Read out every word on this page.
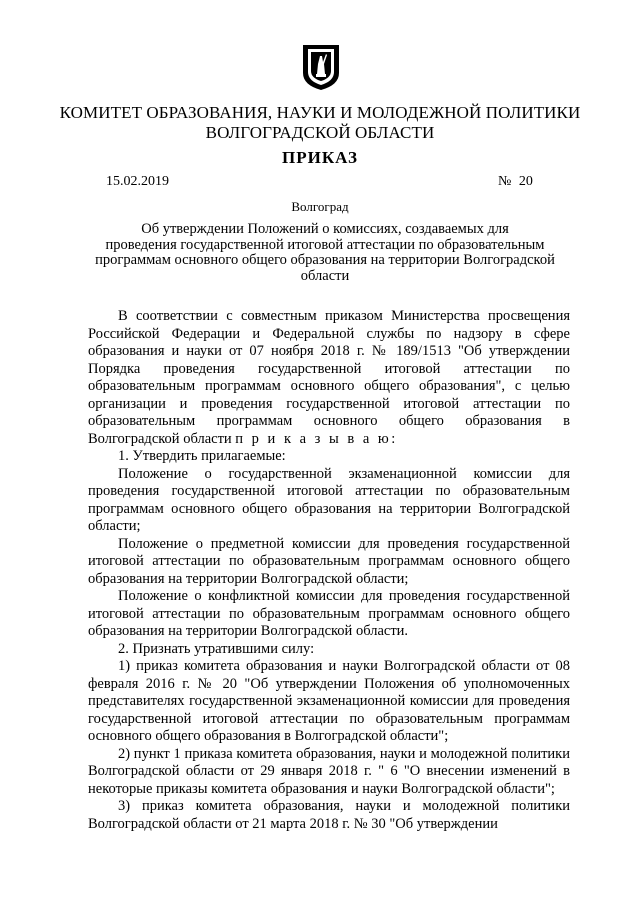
КОМИТЕТ ОБРАЗОВАНИЯ, НАУКИ И МОЛОДЕЖНОЙ ПОЛИТИКИ
ВОЛГОГРАДСКОЙ ОБЛАСТИ
ПРИКАЗ
15.02.2019	№ 20
Волгоград
Об утверждении Положений о комиссиях, создаваемых для
проведения государственной итоговой аттестации по образовательным
программам основного общего образования на территории Волгоградской
области

В соответствии с совместным приказом Министерства просвещения Российской Федерации и Федеральной службы по надзору в сфере образования и науки от 07 ноября 2018 г. № 189/1513 "Об утверждении Порядка проведения государственной итоговой аттестации по образовательным программам основного общего образования", с целью организации и проведения государственной итоговой аттестации по образовательным программам основного общего образования в Волгоградской области п р и к а з ы в а ю:

1. Утвердить прилагаемые:

Положение о государственной экзаменационной комиссии для проведения государственной итоговой аттестации по образовательным программам основного общего образования на территории Волгоградской области;

Положение о предметной комиссии для проведения государственной итоговой аттестации по образовательным программам основного общего образования на территории Волгоградской области;

Положение о конфликтной комиссии для проведения государственной итоговой аттестации по образовательным программам основного общего образования на территории Волгоградской области.

2. Признать утратившими силу:

1) приказ комитета образования и науки Волгоградской области от 08 февраля 2016 г. № 20 "Об утверждении Положения об уполномоченных представителях государственной экзаменационной комиссии для проведения государственной итоговой аттестации по образовательным программам основного общего образования в Волгоградской области";

2) пункт 1 приказа комитета образования, науки и молодежной политики Волгоградской области от 29 января 2018 г. " 6 "О внесении изменений в некоторые приказы комитета образования и науки Волгоградской области";

3) приказ комитета образования, науки и молодежной политики Волгоградской области от 21 марта 2018 г. № 30 "Об утверждении
